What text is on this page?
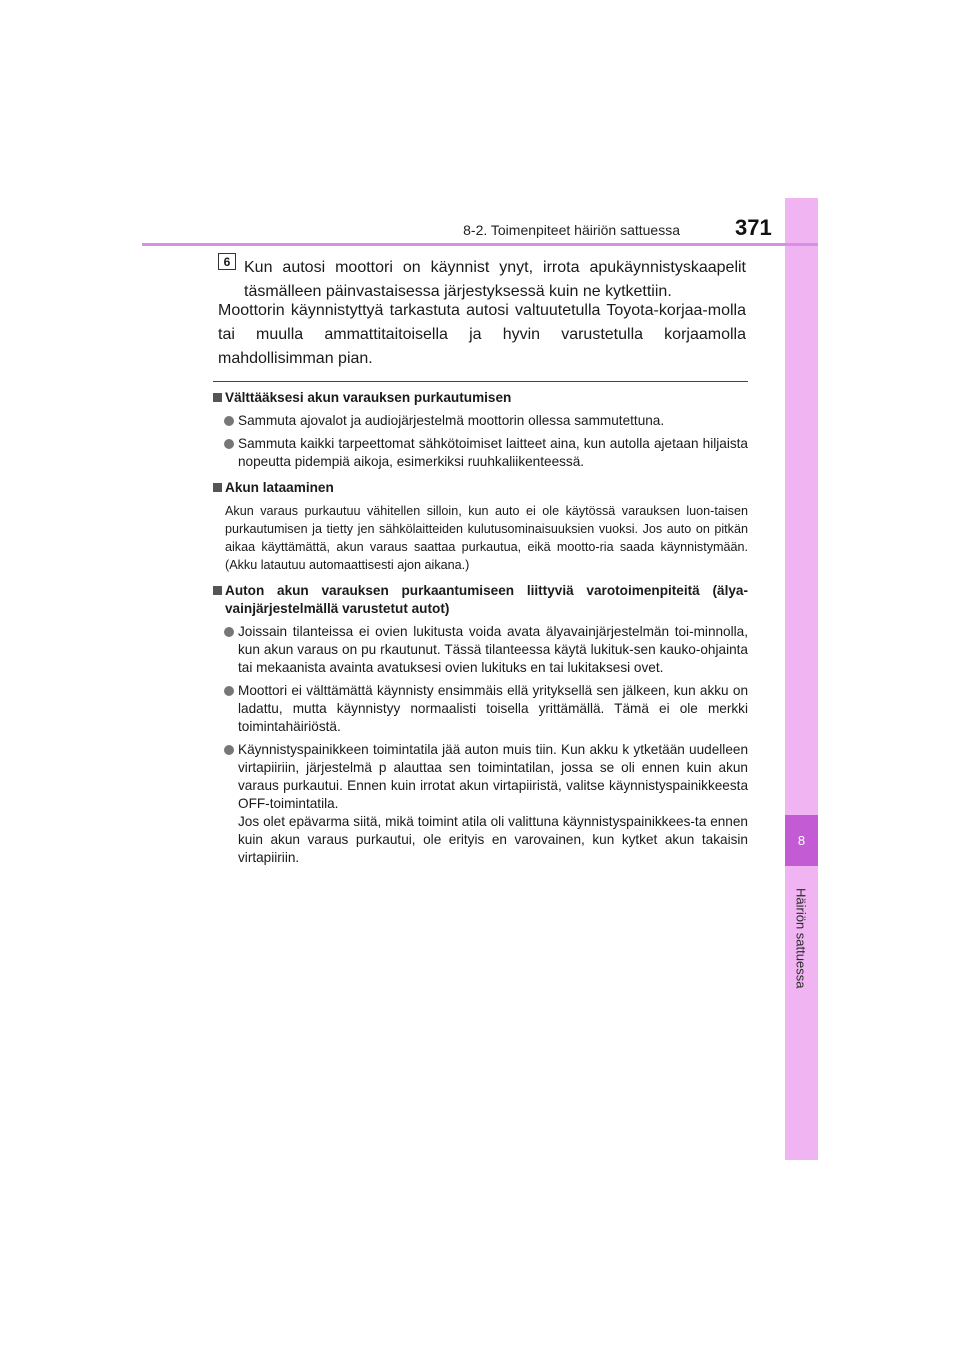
8
Häiriön sattuessa
8-2. Toimenpiteet häiriön sattuessa	371
6 Kun autosi moottori on käynnist ynyt, irrota apukäynnistyskaapelit täsmälleen päinvastaisessa järjestyksessä kuin ne kytkettiin.
Moottorin käynnistyttyä tarkastuta autosi valtuutetulla Toyota-korjaa-molla tai muulla ammattitaitoisella ja hyvin varustetulla korjaamolla mahdollisimman pian.
Välttääksesi akun varauksen purkautumisen
Sammuta ajovalot ja audiojärjestelmä moottorin ollessa sammutettuna.
Sammuta kaikki tarpeettomat sähkötoimiset laitteet aina, kun autolla ajetaan hiljaista nopeutta pidempiä aikoja, esimerkiksi ruuhkaliikenteessä.
Akun lataaminen
Akun varaus purkautuu vähitellen silloin, kun auto ei ole käytössä varauksen luon-taisen purkautumisen ja tietty jen sähkölaitteiden kulutusominaisuuksien vuoksi. Jos auto on pitkän aikaa käyttämättä, akun varaus saattaa purkautua, eikä mootto-ria saada käynnistymään. (Akku latautuu automaattisesti ajon aikana.)
Auton akun varauksen purkaantumiseen liittyviä varotoimenpiteitä (älya-vainjärjestelmällä varustetut autot)
Joissain tilanteissa ei ovien lukitusta voida avata älyavainjärjestelmän toi-minnolla, kun akun varaus on pu rkautunut. Tässä tilanteessa käytä lukituk-sen kauko-ohjainta tai mekaanista avainta avatuksesi ovien lukituks en tai lukitaksesi ovet.
Moottori ei välttämättä käynnisty ensimmäis ellä yrityksellä sen jälkeen, kun akku on ladattu, mutta käynnistyy normaalisti toisella yrittämällä. Tämä ei ole merkki toimintahäiriöstä.
Käynnistyspainikkeen toimintatila jää auton muis tiin. Kun akku k ytketään uudelleen virtapiiriin, järjestelmä p alauttaa sen toimintatilan, jossa se oli ennen kuin akun varaus purkautui. Ennen kuin irrotat akun virtapiiristä, valitse käynnistyspainikkeesta OFF-toimintatila.
Jos olet epävarma siitä, mikä toimint atila oli valittuna käynnistyspainikkees-ta ennen kuin akun varaus purkautui, ole erityis en varovainen, kun kytket akun takaisin virtapiiriin.
